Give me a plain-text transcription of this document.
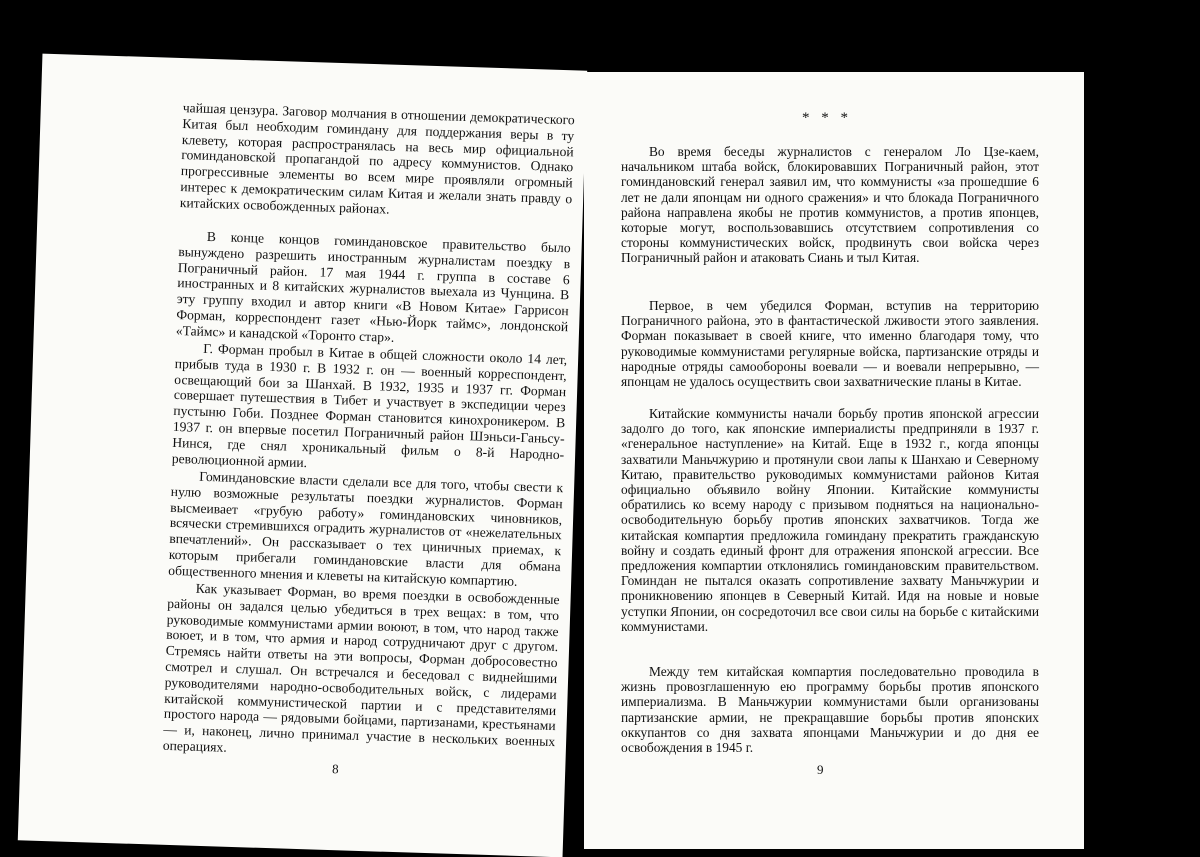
чайшая цензура. Заговор молчания в отношении демократического Китая был необходим гоминдану для поддержания веры в ту клевету, которая распространялась на весь мир официальной гоминдановской пропагандой по адресу коммунистов. Однако прогрессивные элементы во всем мире проявляли огромный интерес к демократическим силам Китая и желали знать правду о китайских освобожденных районах.

В конце концов гоминдановское правительство было вынуждено разрешить иностранным журналистам поездку в Пограничный район. 17 мая 1944 г. группа в составе 6 иностранных и 8 китайских журналистов выехала из Чунцина. В эту группу входил и автор книги «В Новом Китае» Гаррисон Форман, корреспондент газет «Нью-Йорк таймс», лондонской «Таймс» и канадской «Торонто стар».

Г. Форман пробыл в Китае в общей сложности около 14 лет, прибыв туда в 1930 г. В 1932 г. он — военный корреспондент, освещающий бои за Шанхай. В 1932, 1935 и 1937 гг. Форман совершает путешествия в Тибет и участвует в экспедиции через пустыню Гоби. Позднее Форман становится кинохроникером. В 1937 г. он впервые посетил Пограничный район Шэньси-Ганьсу-Нинся, где снял хроникальный фильм о 8-й Народно-революционной армии.

Гоминдановские власти сделали все для того, чтобы свести к нулю возможные результаты поездки журналистов. Форман высмеивает «грубую работу» гоминдановских чиновников, всячески стремившихся оградить журналистов от «нежелательных впечатлений». Он рассказывает о тех циничных приемах, к которым прибегали гоминдановские власти для обмана общественного мнения и клеветы на китайскую компартию.

Как указывает Форман, во время поездки в освобожденные районы он задался целью убедиться в трех вещах: в том, что руководимые коммунистами армии воюют, в том, что народ также воюет, и в том, что армия и народ сотрудничают друг с другом. Стремясь найти ответы на эти вопросы, Форман добросовестно смотрел и слушал. Он встречался и беседовал с виднейшими руководителями народно-освободительных войск, с лидерами китайской коммунистической партии и с представителями простого народа — рядовыми бойцами, партизанами, крестьянами — и, наконец, лично принимал участие в нескольких военных операциях.

8
* * *

Во время беседы журналистов с генералом Ло Цзе-каем, начальником штаба войск, блокировавших Пограничный район, этот гоминдановский генерал заявил им, что коммунисты «за прошедшие 6 лет не дали японцам ни одного сражения» и что блокада Пограничного района направлена якобы не против коммунистов, а против японцев, которые могут, воспользовавшись отсутствием сопротивления со стороны коммунистических войск, продвинуть свои войска через Пограничный район и атаковать Сиань и тыл Китая.

Первое, в чем убедился Форман, вступив на территорию Пограничного района, это в фантастической лживости этого заявления. Форман показывает в своей книге, что именно благодаря тому, что руководимые коммунистами регулярные войска, партизанские отряды и народные отряды самообороны воевали — и воевали непрерывно, — японцам не удалось осуществить свои захватнические планы в Китае.

Китайские коммунисты начали борьбу против японской агрессии задолго до того, как японские империалисты предприняли в 1937 г. «генеральное наступление» на Китай. Еще в 1932 г., когда японцы захватили Маньчжурию и протянули свои лапы к Шанхаю и Северному Китаю, правительство руководимых коммунистами районов Китая официально объявило войну Японии. Китайские коммунисты обратились ко всему народу с призывом подняться на национально-освободительную борьбу против японских захватчиков. Тогда же китайская компартия предложила гоминдану прекратить гражданскую войну и создать единый фронт для отражения японской агрессии. Все предложения компартии отклонялись гоминдановским правительством. Гоминдан не пытался оказать сопротивление захвату Маньчжурии и проникновению японцев в Северный Китай. Идя на новые и новые уступки Японии, он сосредоточил все свои силы на борьбе с китайскими коммунистами.

Между тем китайская компартия последовательно проводила в жизнь провозглашенную ею программу борьбы против японского империализма. В Маньчжурии коммунистами были организованы партизанские армии, не прекращавшие борьбы против японских оккупантов со дня захвата японцами Маньчжурии и до дня ее освобождения в 1945 г.

9
